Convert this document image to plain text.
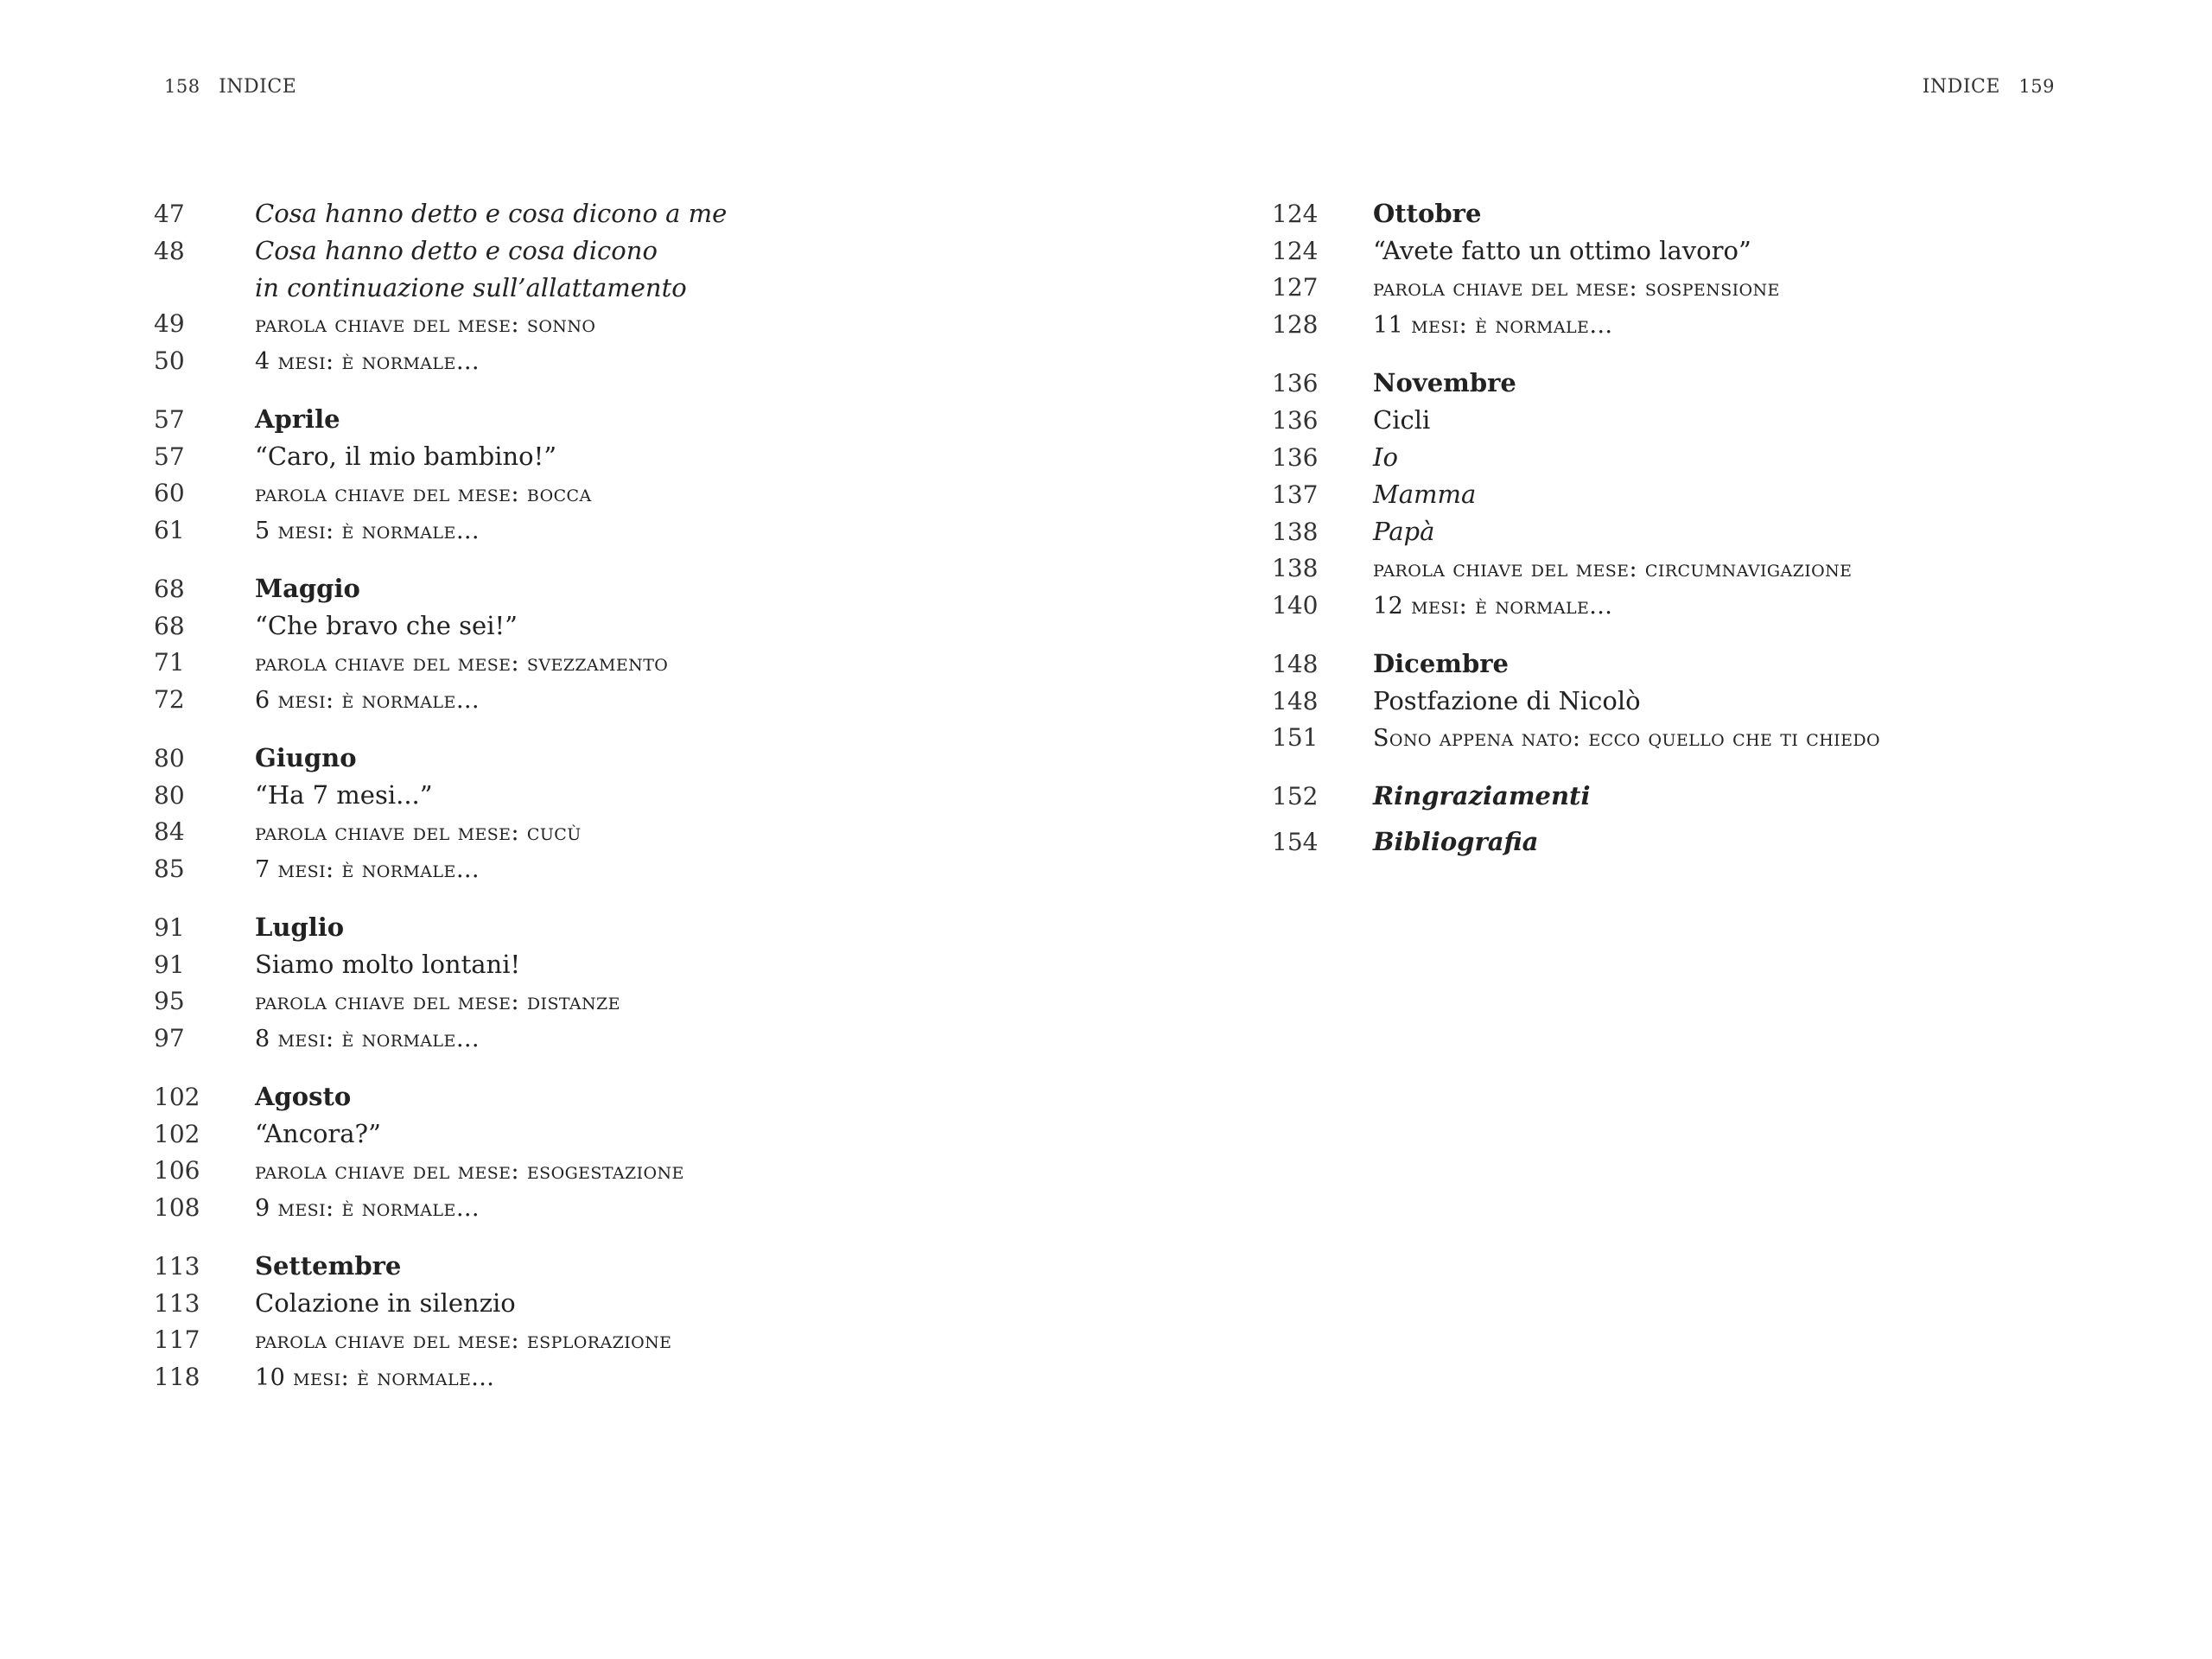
158 INDICE	INDICE 159
47	Cosa hanno detto e cosa dicono a me
48	Cosa hanno detto e cosa dicono
in continuazione sull’allattamento
49	parola chiave del mese: sonno
50	4 mesi: è normale…
57	Aprile
57	“Caro, il mio bambino!”
60	parola chiave del mese: bocca
61	5 mesi: è normale…
68	Maggio
68	“Che bravo che sei!”
71	parola chiave del mese: svezzamento
72	6 mesi: è normale…
80	Giugno
80	“Ha 7 mesi...”
84	parola chiave del mese: cucù
85	7 mesi: è normale…
91	Luglio
91	Siamo molto lontani!
95	parola chiave del mese: distanze
97	8 mesi: è normale…
102	Agosto
102	“Ancora?”
106	parola chiave del mese: esogestazione
108	9 mesi: è normale…
113	Settembre
113	Colazione in silenzio
117	parola chiave del mese: esplorazione
118	10 mesi: è normale...
124	Ottobre
124	“Avete fatto un ottimo lavoro”
127	parola chiave del mese: sospensione
128	11 mesi: è normale…
136	Novembre
136	Cicli
136	Io
137	Mamma
138	Papà
138	parola chiave del mese: circumnavigazione
140	12 mesi: è normale...
148	Dicembre
148	Postfazione di Nicolò
151	Sono appena nato: ecco quello che ti chiedo
152	Ringraziamenti
154	Bibliografia
